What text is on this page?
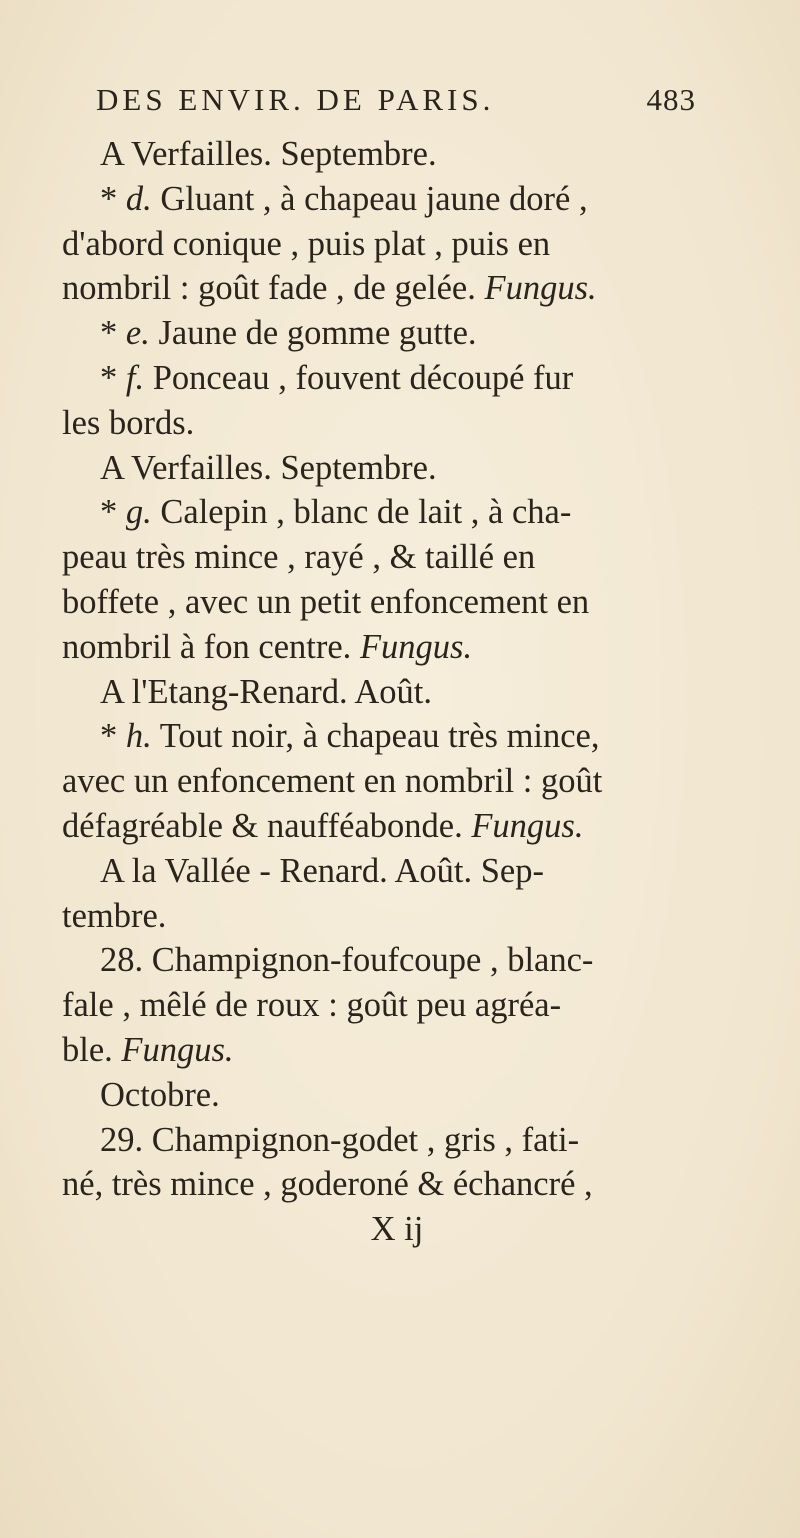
DES ENVIR. DE PARIS.	483
A Verfailles. Septembre.
* d. Gluant , à chapeau jaune doré ,
d'abord conique , puis plat , puis en
nombril : goût fade , de gelée. Fungus.
* e. Jaune de gomme gutte.
* f. Ponceau , fouvent découpé fur
les bords.
A Verfailles. Septembre.
* g. Calepin , blanc de lait , à cha-
peau très mince , rayé , & taillé en
boffete , avec un petit enfoncement en
nombril à fon centre. Fungus.
A l'Etang-Renard. Août.
* h. Tout noir, à chapeau très mince,
avec un enfoncement en nombril : goût
défagréable & naufféabonde. Fungus.
A la Vallée - Renard. Août. Sep-
tembre.
28. Champignon-foufcoupe , blanc-
fale , mêlé de roux : goût peu agréa-
ble. Fungus.
Octobre.
29. Champignon-godet , gris , fati-
né, très mince , goderoné & échancré ,
X ij
